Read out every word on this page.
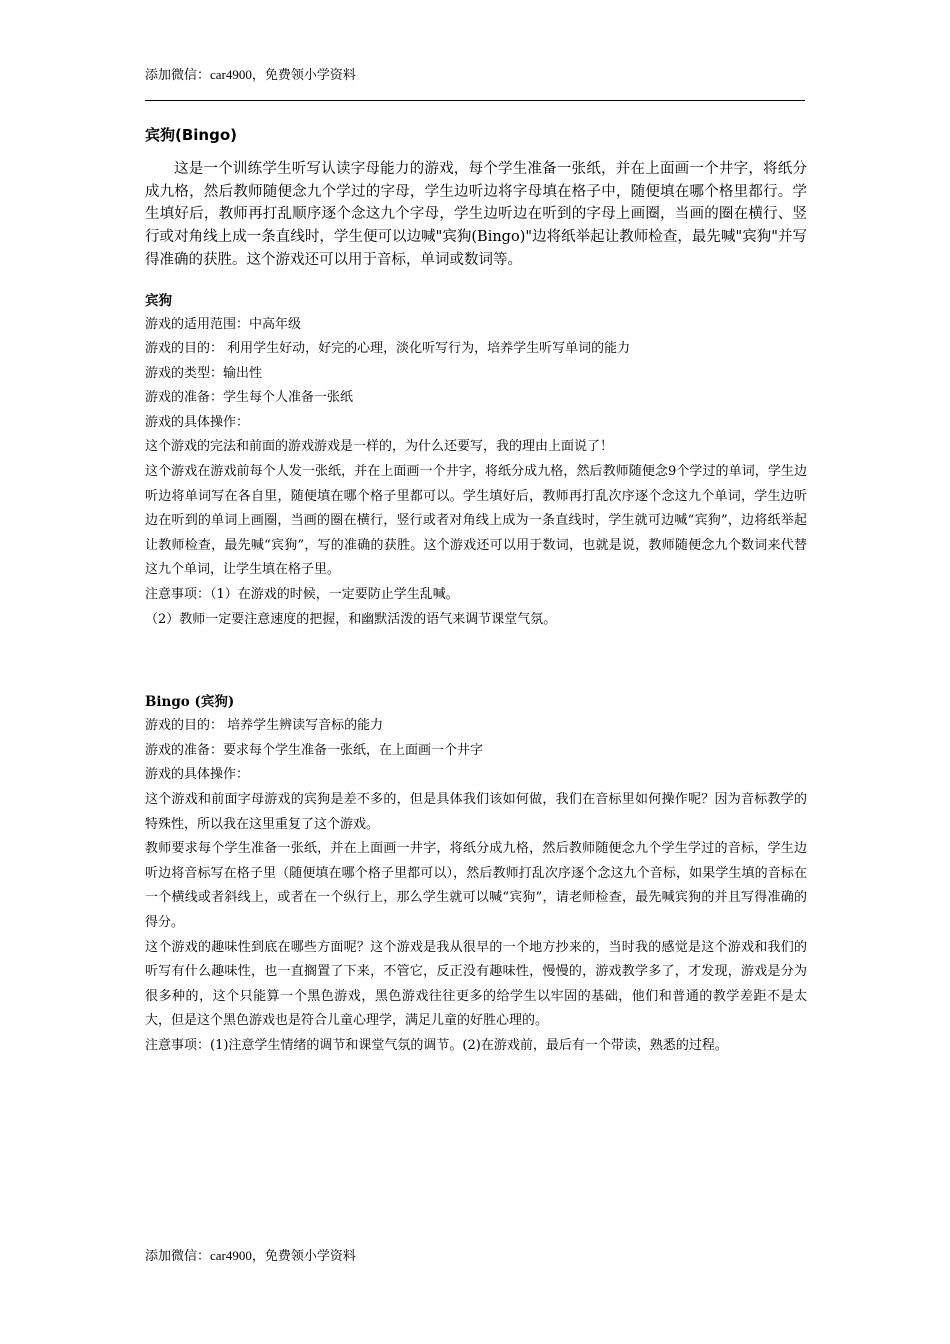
添加微信：car4900，免费领小学资料
宾狗(Bingo)

这是一个训练学生听写认读字母能力的游戏，每个学生准备一张纸，并在上面画一个井字，将纸分成九格，然后教师随便念九个学过的字母，学生边听边将字母填在格子中，随便填在哪个格里都行。学生填好后，教师再打乱顺序逐个念这九个字母，学生边听边在听到的字母上画圈，当画的圈在横行、竖行或对角线上成一条直线时，学生便可以边喊"宾狗(Bingo)"边将纸举起让教师检查，最先喊"宾狗"并写得准确的获胜。这个游戏还可以用于音标，单词或数词等。

宾狗

游戏的适用范围：中高年级

游戏的目的： 利用学生好动，好完的心理，淡化听写行为，培养学生听写单词的能力

游戏的类型：输出性

游戏的准备：学生每个人准备一张纸

游戏的具体操作：

这个游戏的完法和前面的游戏游戏是一样的，为什么还要写，我的理由上面说了！

这个游戏在游戏前每个人发一张纸，并在上面画一个井字，将纸分成九格，然后教师随便念9个学过的单词，学生边听边将单词写在各自里，随便填在哪个格子里都可以。学生填好后，教师再打乱次序逐个念这九个单词，学生边听边在听到的单词上画圈，当画的圈在横行，竖行或者对角线上成为一条直线时，学生就可边喊“宾狗”，边将纸举起让教师检查，最先喊“宾狗”，写的准确的获胜。这个游戏还可以用于数词，也就是说，教师随便念九个数词来代替这九个单词，让学生填在格子里。

注意事项：（1）在游戏的时候，一定要防止学生乱喊。

（2）教师一定要注意速度的把握，和幽默活泼的语气来调节课堂气氛。

Bingo (宾狗)

游戏的目的： 培养学生辨读写音标的能力

游戏的准备：要求每个学生准备一张纸，在上面画一个井字

游戏的具体操作：

这个游戏和前面字母游戏的宾狗是差不多的，但是具体我们该如何做，我们在音标里如何操作呢？因为音标教学的特殊性，所以我在这里重复了这个游戏。

教师要求每个学生准备一张纸，并在上面画一井字，将纸分成九格，然后教师随便念九个学生学过的音标，学生边听边将音标写在格子里（随便填在哪个格子里都可以），然后教师打乱次序逐个念这九个音标，如果学生填的音标在一个横线或者斜线上，或者在一个纵行上，那么学生就可以喊“宾狗”，请老师检查，最先喊宾狗的并且写得准确的得分。

这个游戏的趣味性到底在哪些方面呢？这个游戏是我从很早的一个地方抄来的，当时我的感觉是这个游戏和我们的听写有什么趣味性，也一直搁置了下来，不管它，反正没有趣味性，慢慢的，游戏教学多了，才发现，游戏是分为很多种的，这个只能算一个黑色游戏，黑色游戏往往更多的给学生以牢固的基础，他们和普通的教学差距不是太大，但是这个黑色游戏也是符合儿童心理学，满足儿童的好胜心理的。

注意事项：(1)注意学生情绪的调节和课堂气氛的调节。(2)在游戏前，最后有一个带读，熟悉的过程。

添加微信：car4900，免费领小学资料
